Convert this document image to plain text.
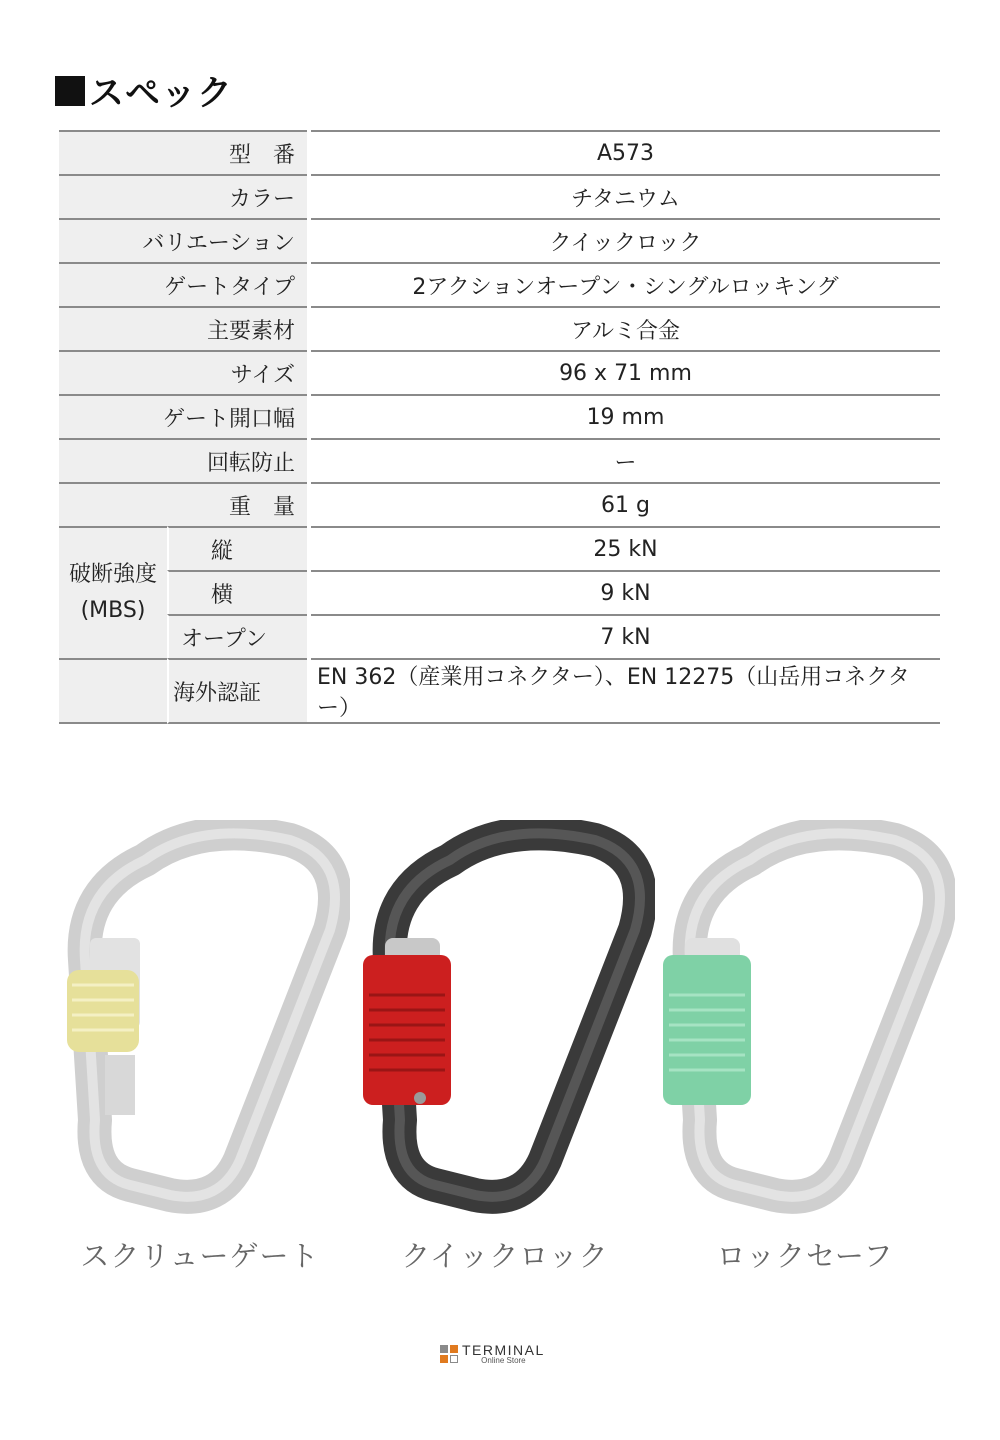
スペック
型　番			A573
カラー			チタニウム
バリエーション			クイックロック
ゲートタイプ			2アクションオープン・シングルロッキング
主要素材			アルミ合金
サイズ			96 x 71 mm
ゲート開口幅			19 mm
回転防止			ー
重　量			61 g

破断強度
(MBS)	縦		25 kN
	横		9 kN
	オープン		7 kN
	海外認証		EN 362（産業用コネクター）、EN 12275（山岳用コネクター）
スクリューゲート	クイックロック	ロックセーフ
TERMINAL
Online Store
